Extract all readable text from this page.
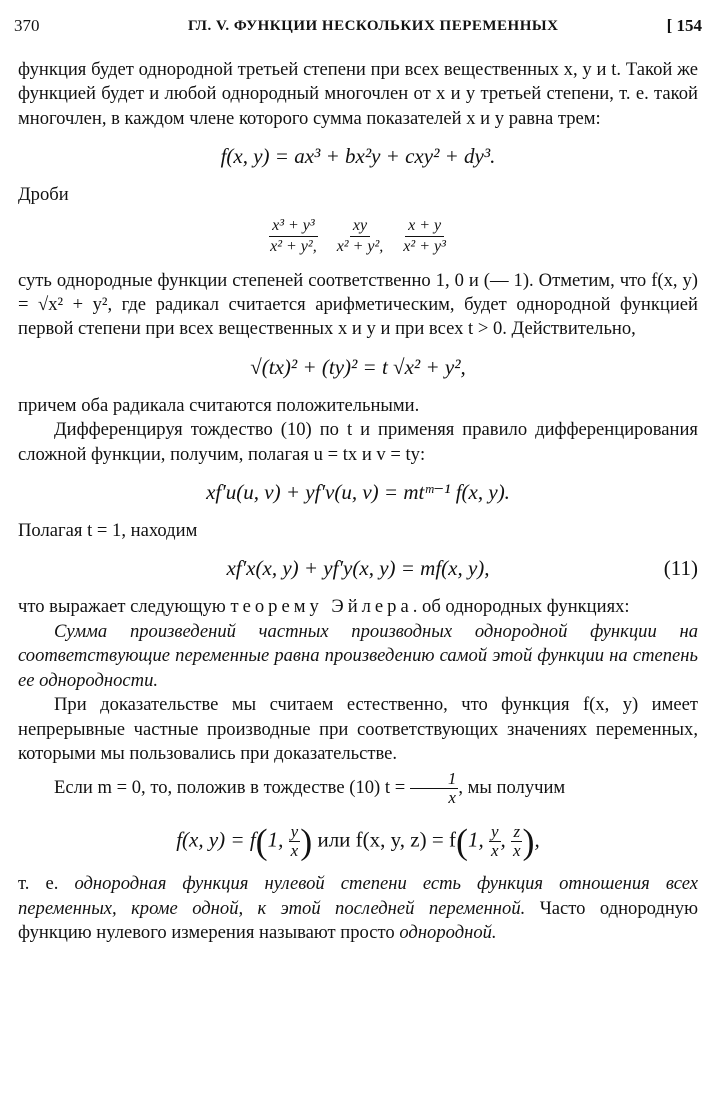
370	ГЛ. V. ФУНКЦИИ НЕСКОЛЬКИХ ПЕРЕМЕННЫХ	[ 154

функция будет однородной третьей степени при всех вещественных x, y и t. Такой же функцией будет и любой однородный многочлен от x и y третьей степени, т. е. такой многочлен, в каждом члене которого сумма показателей x и y равна трем:

f(x, y) = ax³ + bx²y + cxy² + dy³.

Дроби

$\frac{\text{x³ + y³}}{\text{x² + y²,}} \frac{xy}{\text{x² + y²,}} \frac{x + y}{\text{x² + y³}}$

суть однородные функции степеней соответственно 1, 0 и (— 1). Отметим, что f(x, y) = √x² + y², где радикал считается арифметическим, будет однородной функцией первой степени при всех вещественных x и y и при всех t > 0. Действительно,

√(tx)² + (ty)² = t √x² + y²,

причем оба радикала считаются положительными.

Дифференцируя тождество (10) по t и применяя правило дифференцирования сложной функции, получим, полагая u = tx и v = ty:

xf′u(u, v) + yf′v(u, v) = mtᵐ⁻¹ f(x, y).

Полагая t = 1, находим

xf′x(x, y) + yf′y(x, y) = mf(x, y),	(11)

что выражает следующую теорему Эйлера. об однородных функциях:

Сумма произведений частных производных однородной функции на соответствующие переменные равна произведению самой этой функции на степень ее однородности.

При доказательстве мы считаем естественно, что функция f(x, y) имеет непрерывные частные производные при соответствующих значениях переменных, которыми мы пользовались при доказательстве.

Если m = 0, то, положив в тождестве (10) $t = \frac{1}{x}$ , мы получим

f(x, y) = f(1, $\frac{y}{x}$ ) или f(x, y, z) = f(1, $\frac{y}{x}$ , $\frac{z}{x}$ ),

т. е. однородная функция нулевой степени есть функция отношения всех переменных, кроме одной, к этой последней переменной. Часто однородную функцию нулевого измерения называют просто однородной.
